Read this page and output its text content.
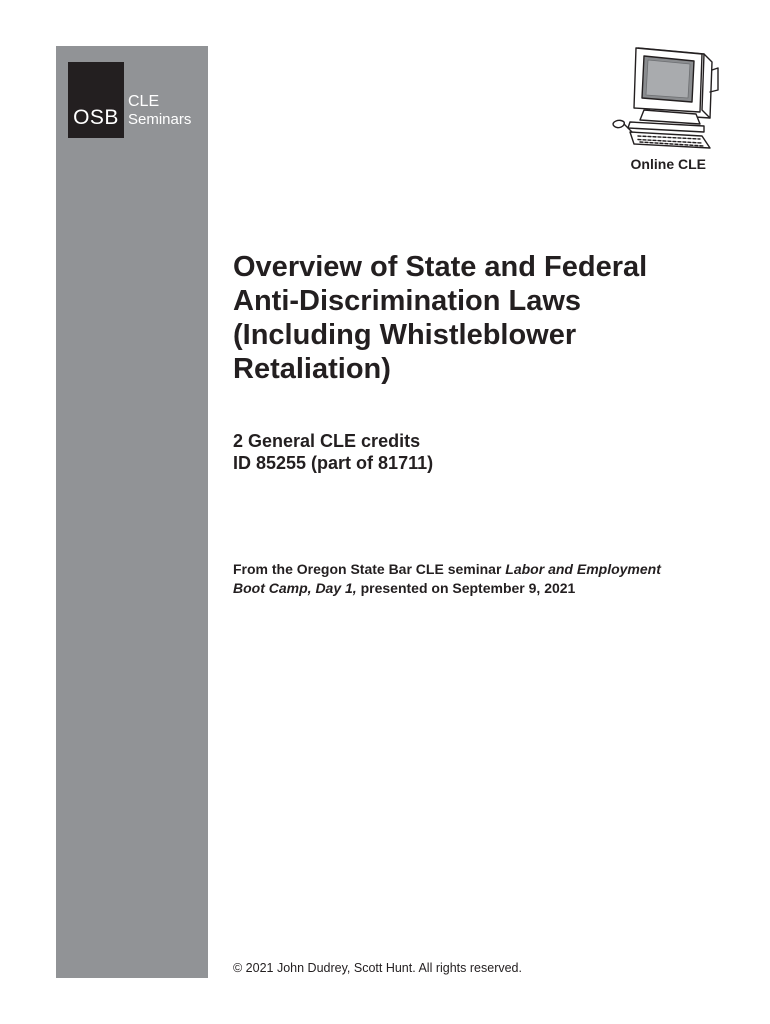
OSB
CLE
Seminars
Online CLE
Overview of State and Federal
Anti-Discrimination Laws
(Including Whistleblower
Retaliation)
2 General CLE credits
ID 85255 (part of 81711)
From the Oregon State Bar CLE seminar Labor and Employment
Boot Camp, Day 1, presented on September 9, 2021
© 2021 John Dudrey, Scott Hunt. All rights reserved.
